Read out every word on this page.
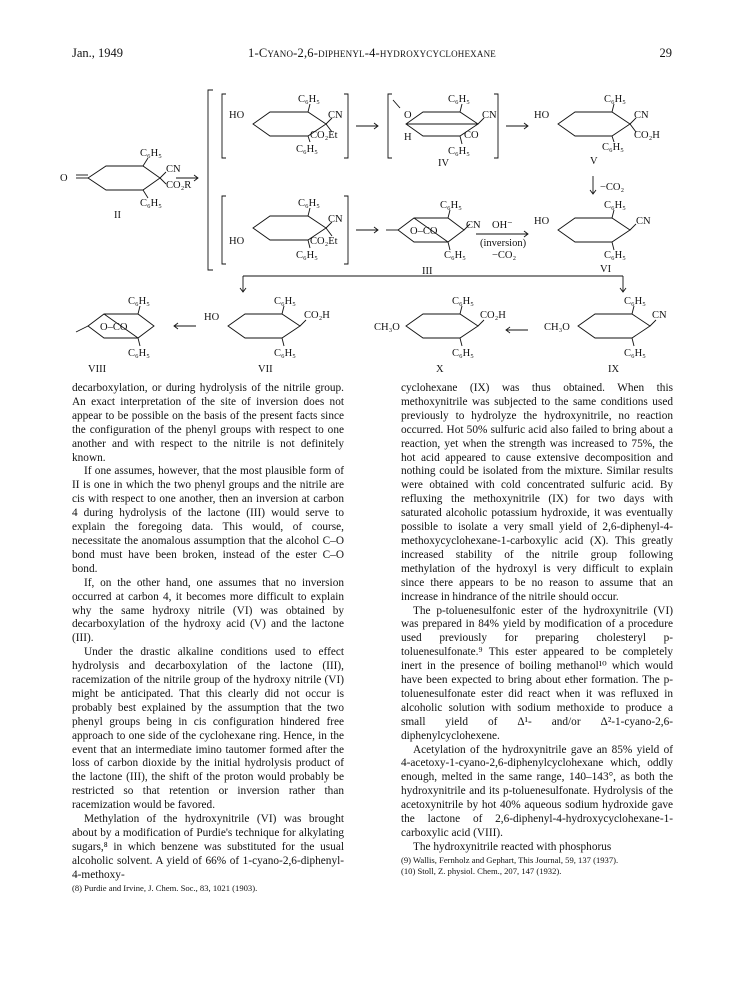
Jan., 1949	1-Cyano-2,6-diphenyl-4-hydroxycyclohexane	29
C₆H₅
O
CN
CO₂R
C₆H₅
II
C₆H₅
HO	CN
CO₂Et
C₆H₅
C₆H₅
O	CN
H	CO
C₆H₅
IV
C₆H₅
HO	CN
CO₂H
C₆H₅
V
−CO₂
C₆H₅
CN
HO	CO₂Et
C₆H₅
C₆H₅
O–CO
CN
C₆H₅
III
OH⁻
(inversion)
−CO₂
C₆H₅
HO	CN
C₆H₅
VI
C₆H₅
O–CO
C₆H₅
VIII
C₆H₅
HO	CO₂H
C₆H₅
VII
C₆H₅
CH₃O
CO₂H
C₆H₅
X
C₆H₅
CH₃O
CN
C₆H₅
IX

decarboxylation, or during hydrolysis of the nitrile group. An exact interpretation of the site of inversion does not appear to be possible on the basis of the present facts since the configuration of the phenyl groups with respect to one another and with respect to the nitrile is not definitely known.

If one assumes, however, that the most plausible form of II is one in which the two phenyl groups and the nitrile are cis with respect to one another, then an inversion at carbon 4 during hydrolysis of the lactone (III) would serve to explain the foregoing data. This would, of course, necessitate the anomalous assumption that the alcohol C–O bond must have been broken, instead of the ester C–O bond.

If, on the other hand, one assumes that no inversion occurred at carbon 4, it becomes more difficult to explain why the same hydroxy nitrile (VI) was obtained by decarboxylation of the hydroxy acid (V) and the lactone (III).

Under the drastic alkaline conditions used to effect hydrolysis and decarboxylation of the lactone (III), racemization of the nitrile group of the hydroxy nitrile (VI) might be anticipated. That this clearly did not occur is probably best explained by the assumption that the two phenyl groups being in cis configuration hindered free approach to one side of the cyclohexane ring. Hence, in the event that an intermediate imino tautomer formed after the loss of carbon dioxide by the initial hydrolysis product of the lactone (III), the shift of the proton would probably be restricted so that retention or inversion rather than racemization would be favored.

Methylation of the hydroxynitrile (VI) was brought about by a modification of Purdie's technique for alkylating sugars,⁸ in which benzene was substituted for the usual alcoholic solvent. A yield of 66% of 1-cyano-2,6-diphenyl-4-methoxy-

(8) Purdie and Irvine, J. Chem. Soc., 83, 1021 (1903).

cyclohexane (IX) was thus obtained. When this methoxynitrile was subjected to the same conditions used previously to hydrolyze the hydroxynitrile, no reaction occurred. Hot 50% sulfuric acid also failed to bring about a reaction, yet when the strength was increased to 75%, the hot acid appeared to cause extensive decomposition and nothing could be isolated from the mixture. Similar results were obtained with cold concentrated sulfuric acid. By refluxing the methoxynitrile (IX) for two days with saturated alcoholic potassium hydroxide, it was eventually possible to isolate a very small yield of 2,6-diphenyl-4-methoxycyclohexane-1-carboxylic acid (X). This greatly increased stability of the nitrile group following methylation of the hydroxyl is very difficult to explain since there appears to be no reason to assume that an increase in hindrance of the nitrile should occur.

The p-toluenesulfonic ester of the hydroxynitrile (VI) was prepared in 84% yield by modification of a procedure used previously for preparing cholesteryl p-toluenesulfonate.⁹ This ester appeared to be completely inert in the presence of boiling methanol¹⁰ which would have been expected to bring about ether formation. The p-toluenesulfonate ester did react when it was refluxed in alcoholic solution with sodium methoxide to produce a small yield of Δ¹- and/or Δ²-1-cyano-2,6-diphenylcyclohexene.

Acetylation of the hydroxynitrile gave an 85% yield of 4-acetoxy-1-cyano-2,6-diphenylcyclohexane which, oddly enough, melted in the same range, 140–143°, as both the hydroxynitrile and its p-toluenesulfonate. Hydrolysis of the acetoxynitrile by hot 40% aqueous sodium hydroxide gave the lactone of 2,6-diphenyl-4-hydroxycyclohexane-1-carboxylic acid (VIII).

The hydroxynitrile reacted with phosphorus

(9) Wallis, Fernholz and Gephart, This Journal, 59, 137 (1937).

(10) Stoll, Z. physiol. Chem., 207, 147 (1932).
